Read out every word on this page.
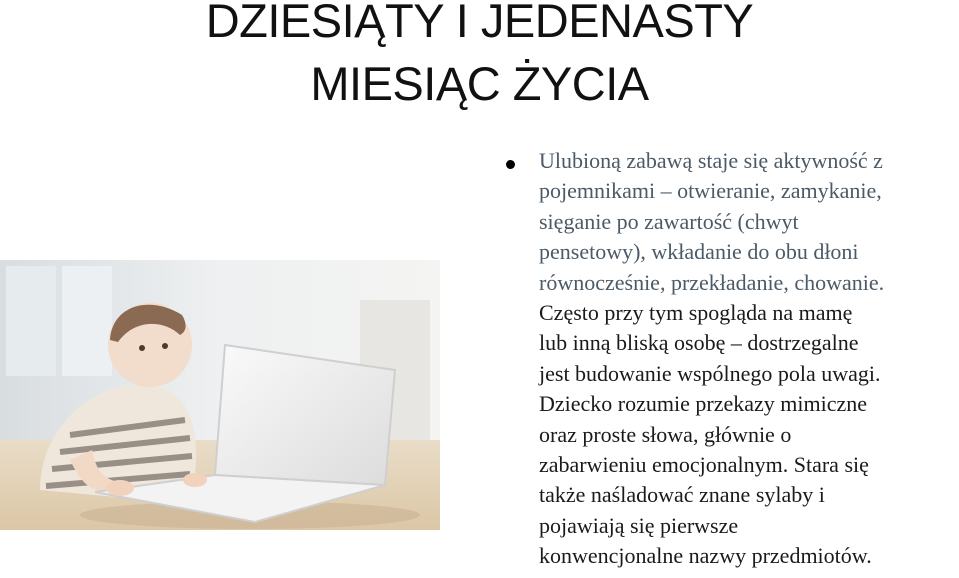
DZIESIĄTY I JEDENASTY
MIESIĄC ŻYCIA

Ulubioną zabawą staje się aktywność z
pojemnikami – otwieranie, zamykanie,
sięganie po zawartość (chwyt
pensetowy), wkładanie do obu dłoni
równocześnie, przekładanie, chowanie.
Często przy tym spogląda na mamę
lub inną bliską osobę – dostrzegalne
jest budowanie wspólnego pola uwagi.
Dziecko rozumie przekazy mimiczne
oraz proste słowa, głównie o
zabarwieniu emocjonalnym. Stara się
także naśladować znane sylaby i
pojawiają się pierwsze
konwencjonalne nazwy przedmiotów.
